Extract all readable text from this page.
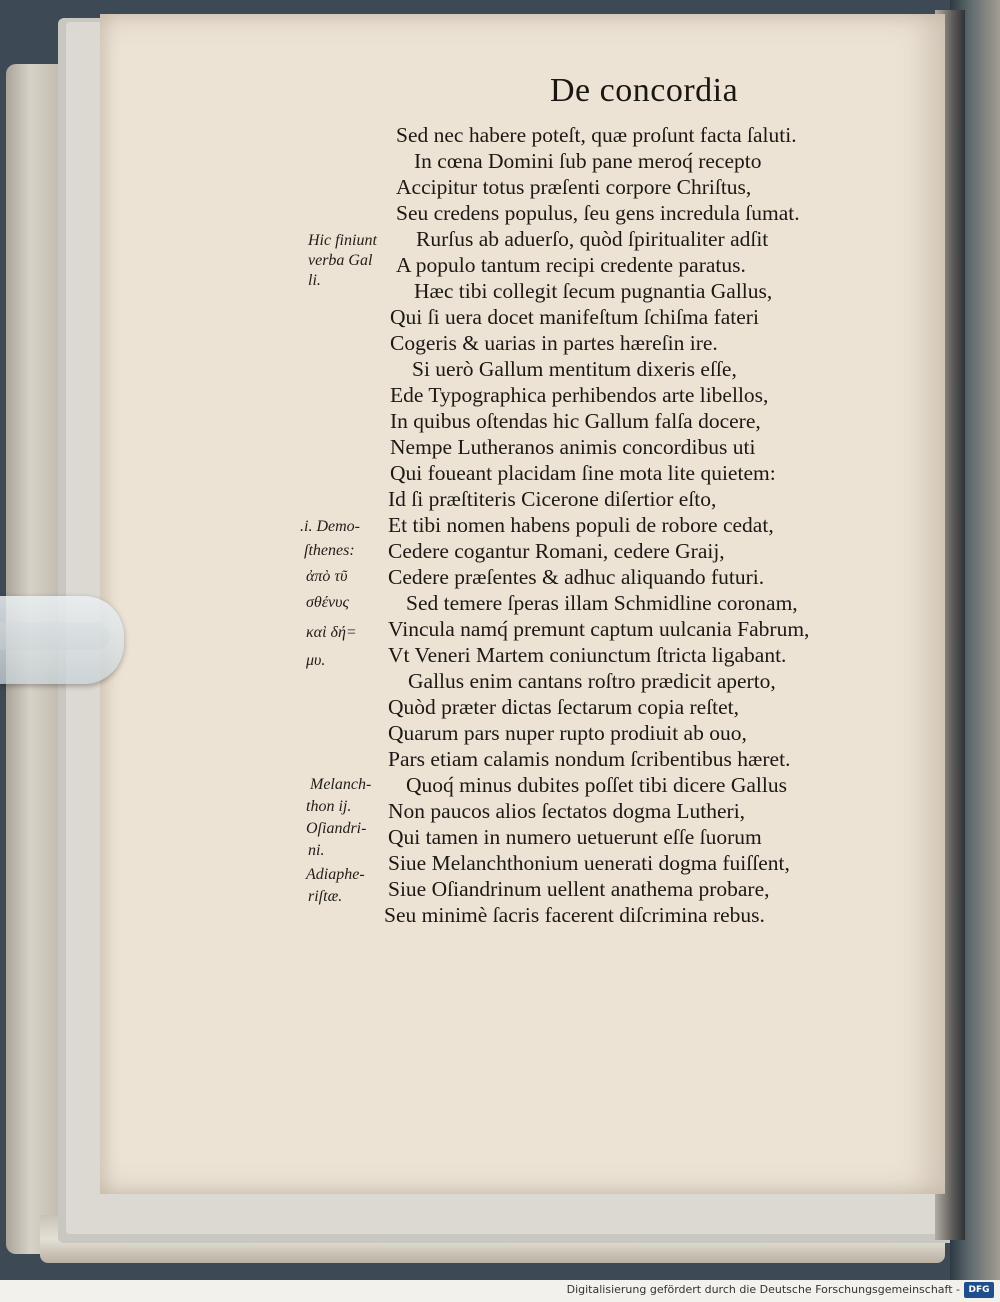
De concordia

Sed nec habere poteſt, quæ proſunt facta ſaluti.

In cœna Domini ſub pane meroq́ recepto

Accipitur totus præſenti corpore Chriſtus,

Seu credens populus, ſeu gens incredula ſumat.

Rurſus ab aduerſo, quòd ſpiritualiter adſit

A populo tantum recipi credente paratus.

Hæc tibi collegit ſecum pugnantia Gallus,

Qui ſi uera docet manifeſtum ſchiſma fateri

Cogeris & uarias in partes hæreſin ire.

Si uerò Gallum mentitum dixeris eſſe,

Ede Typographica perhibendos arte libellos,

In quibus oſtendas hic Gallum falſa docere,

Nempe Lutheranos animis concordibus uti

Qui foueant placidam ſine mota lite quietem:

Id ſi præſtiteris Cicerone diſertior eſto,

Et tibi nomen habens populi de robore cedat,

Cedere cogantur Romani, cedere Graij,

Cedere præſentes & adhuc aliquando futuri.

Sed temere ſperas illam Schmidline coronam,

Vincula namq́ premunt captum uulcania Fabrum,

Vt Veneri Martem coniunctum ſtricta ligabant.

Gallus enim cantans roſtro prædicit aperto,

Quòd præter dictas ſectarum copia reſtet,

Quarum pars nuper rupto prodiuit ab ouo,

Pars etiam calamis nondum ſcribentibus hæret.

Quoq́ minus dubites poſſet tibi dicere Gallus

Non paucos alios ſectatos dogma Lutheri,

Qui tamen in numero uetuerunt eſſe ſuorum

Siue Melanchthonium uenerati dogma fuiſſent,

Siue Oſiandrinum uellent anathema probare,

Seu minimè ſacris facerent diſcrimina rebus.

Hic finiunt

verba Gal

li.

.i. Demo-

ſthenes:

ἀπὸ τῦ

σθένυς

καὶ δή=

μυ.

Melanch-

thon ij.

Oſiandri-

ni.

Adiaphe-

riſtæ.

Digitalisierung gefördert durch die Deutsche Forschungsgemeinschaft - DFG
